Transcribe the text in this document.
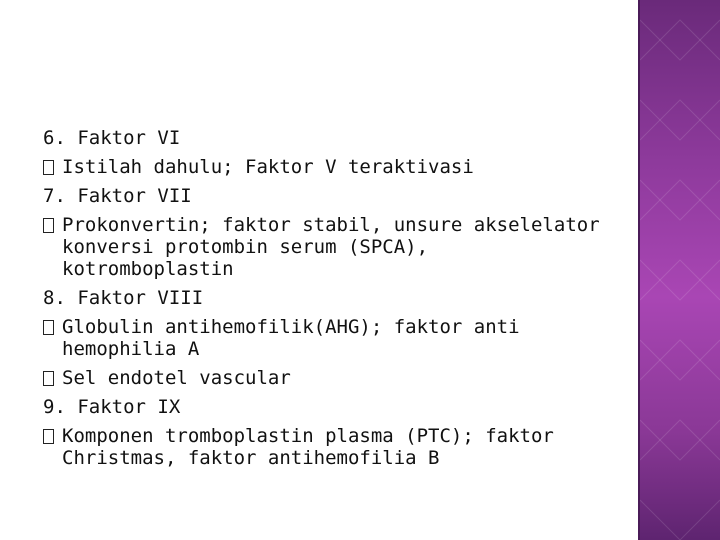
6. Faktor VI
Istilah dahulu; Faktor V teraktivasi
7. Faktor VII
Prokonvertin; faktor stabil, unsure akselelator
konversi protombin serum (SPCA),
kotromboplastin
8. Faktor VIII
Globulin antihemofilik(AHG); faktor anti
hemophilia A
Sel endotel vascular
9. Faktor IX
Komponen tromboplastin plasma (PTC); faktor
Christmas, faktor antihemofilia B
